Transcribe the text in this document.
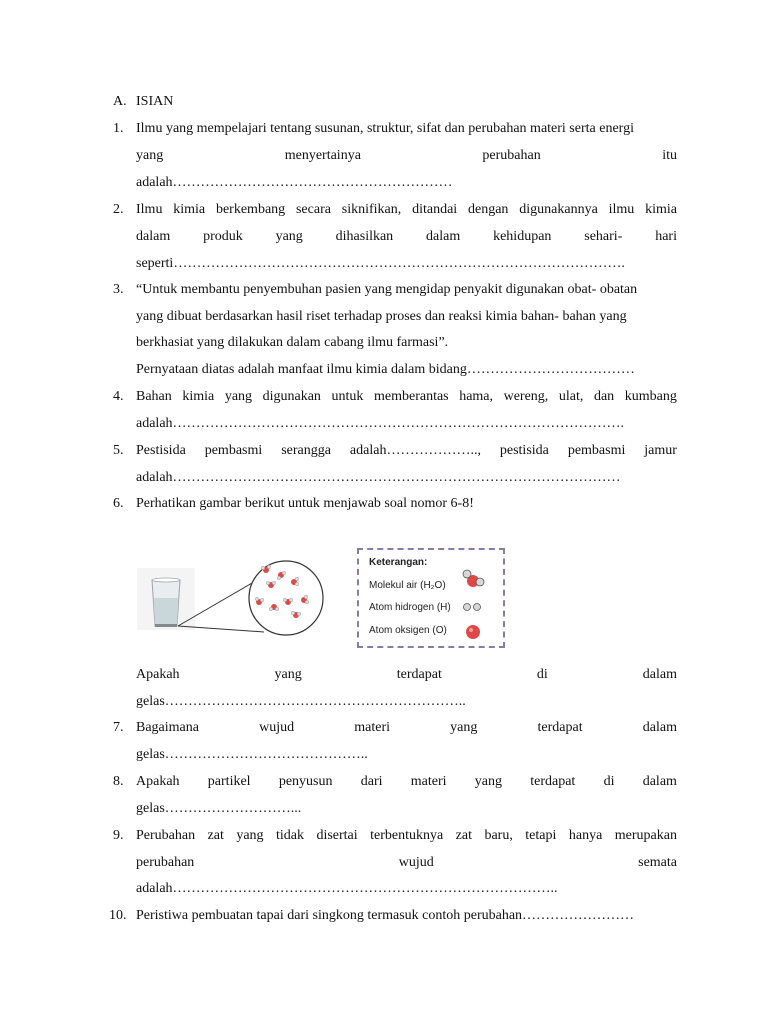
A. ISIAN
1. Ilmu yang mempelajari tentang susunan, struktur, sifat dan perubahan materi serta energi
yang	menyertainya	perubahan	itu
adalah……………………………………………………
2. Ilmu kimia berkembang secara siknifikan, ditandai dengan digunakannya ilmu kimia
dalam produk yang dihasilkan dalam kehidupan sehari- hari
seperti…………………………………………………………………………………….
3. “Untuk membantu penyembuhan pasien yang mengidap penyakit digunakan obat- obatan
yang dibuat berdasarkan hasil riset terhadap proses dan reaksi kimia bahan- bahan yang
berkhasiat yang dilakukan dalam cabang ilmu farmasi”.
Pernyataan diatas adalah manfaat ilmu kimia dalam bidang………………………………
4. Bahan kimia yang digunakan untuk memberantas hama, wereng, ulat, dan kumbang
adalah…………………………………………………………………………………….
5. Pestisida pembasmi serangga adalah……………….., pestisida pembasmi jamur
adalah……………………………………………………………………………………
6. Perhatikan gambar berikut untuk menjawab soal nomor 6-8!
Keterangan:
Molekul air (H₂O)
Atom hidrogen (H)
Atom oksigen (O)
Apakah	yang	terdapat	di	dalam
gelas………………………………………………………..
7. Bagaimana	wujud	materi	yang	terdapat	dalam
gelas……………………………………..
8. Apakah partikel penyusun dari materi yang terdapat di dalam
gelas………………………...
9. Perubahan zat yang tidak disertai terbentuknya zat baru, tetapi hanya merupakan
perubahan	wujud	semata
adalah………………………………………………………………………..
10. Peristiwa pembuatan tapai dari singkong termasuk contoh perubahan……………………
